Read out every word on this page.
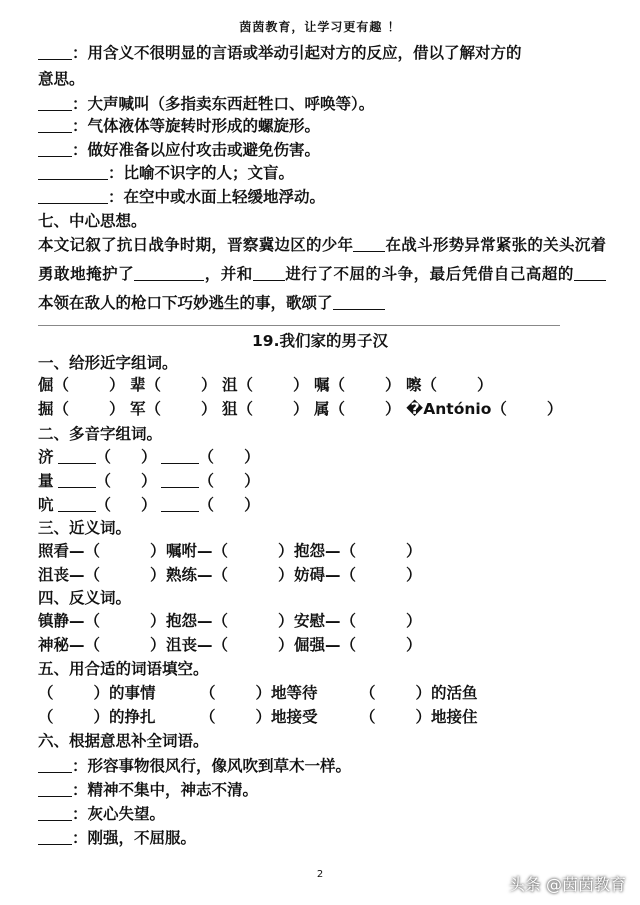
茵茵教育，让学习更有趣 ！
：用含义不很明显的言语或举动引起对方的反应，借以了解对方的
意思。
：大声喊叫（多指卖东西赶牲口、呼唤等）。
：气体液体等旋转时形成的螺旋形。
：做好准备以应付攻击或避免伤害。
：比喻不识字的人；文盲。
：在空中或水面上轻缓地浮动。
七、中心思想。
本文记叙了抗日战争时期，晋察冀边区的少年 在战斗形势异常紧张的关头沉着勇敢地掩护了	，并和 进行了不屈的斗争，最后凭借自己高超的本领在敌人的枪口下巧妙逃生的事，歌颂了
19.我们家的男子汉
一、给形近字组词。
倔（	） 辈（	） 沮（	） 嘱（	） 嚓（	）
掘（	） 军（	） 狙（	） 属（	） �António（	）
二、多音字组词。
济	（ ）	（ ）
量	（ ）	（ ）
吭	（ ）	（ ）
三、近义词。
照看—（	）嘱咐—（	）抱怨—（	）
沮丧—（	）熟练—（	）妨碍—（	）
四、反义词。
镇静—（	）抱怨—（	）安慰—（	）
神秘—（	）沮丧—（	）倔强—（	）
五、用合适的词语填空。
（	）的事情	（	）地等待	（	）的活鱼
（	）的挣扎	（	）地接受	（	）地接住
六、根据意思补全词语。
：形容事物很风行，像风吹到草木一样。
：精神不集中，神志不清。
：灰心失望。
：刚强，不屈服。
2
头条 @茵茵教育
